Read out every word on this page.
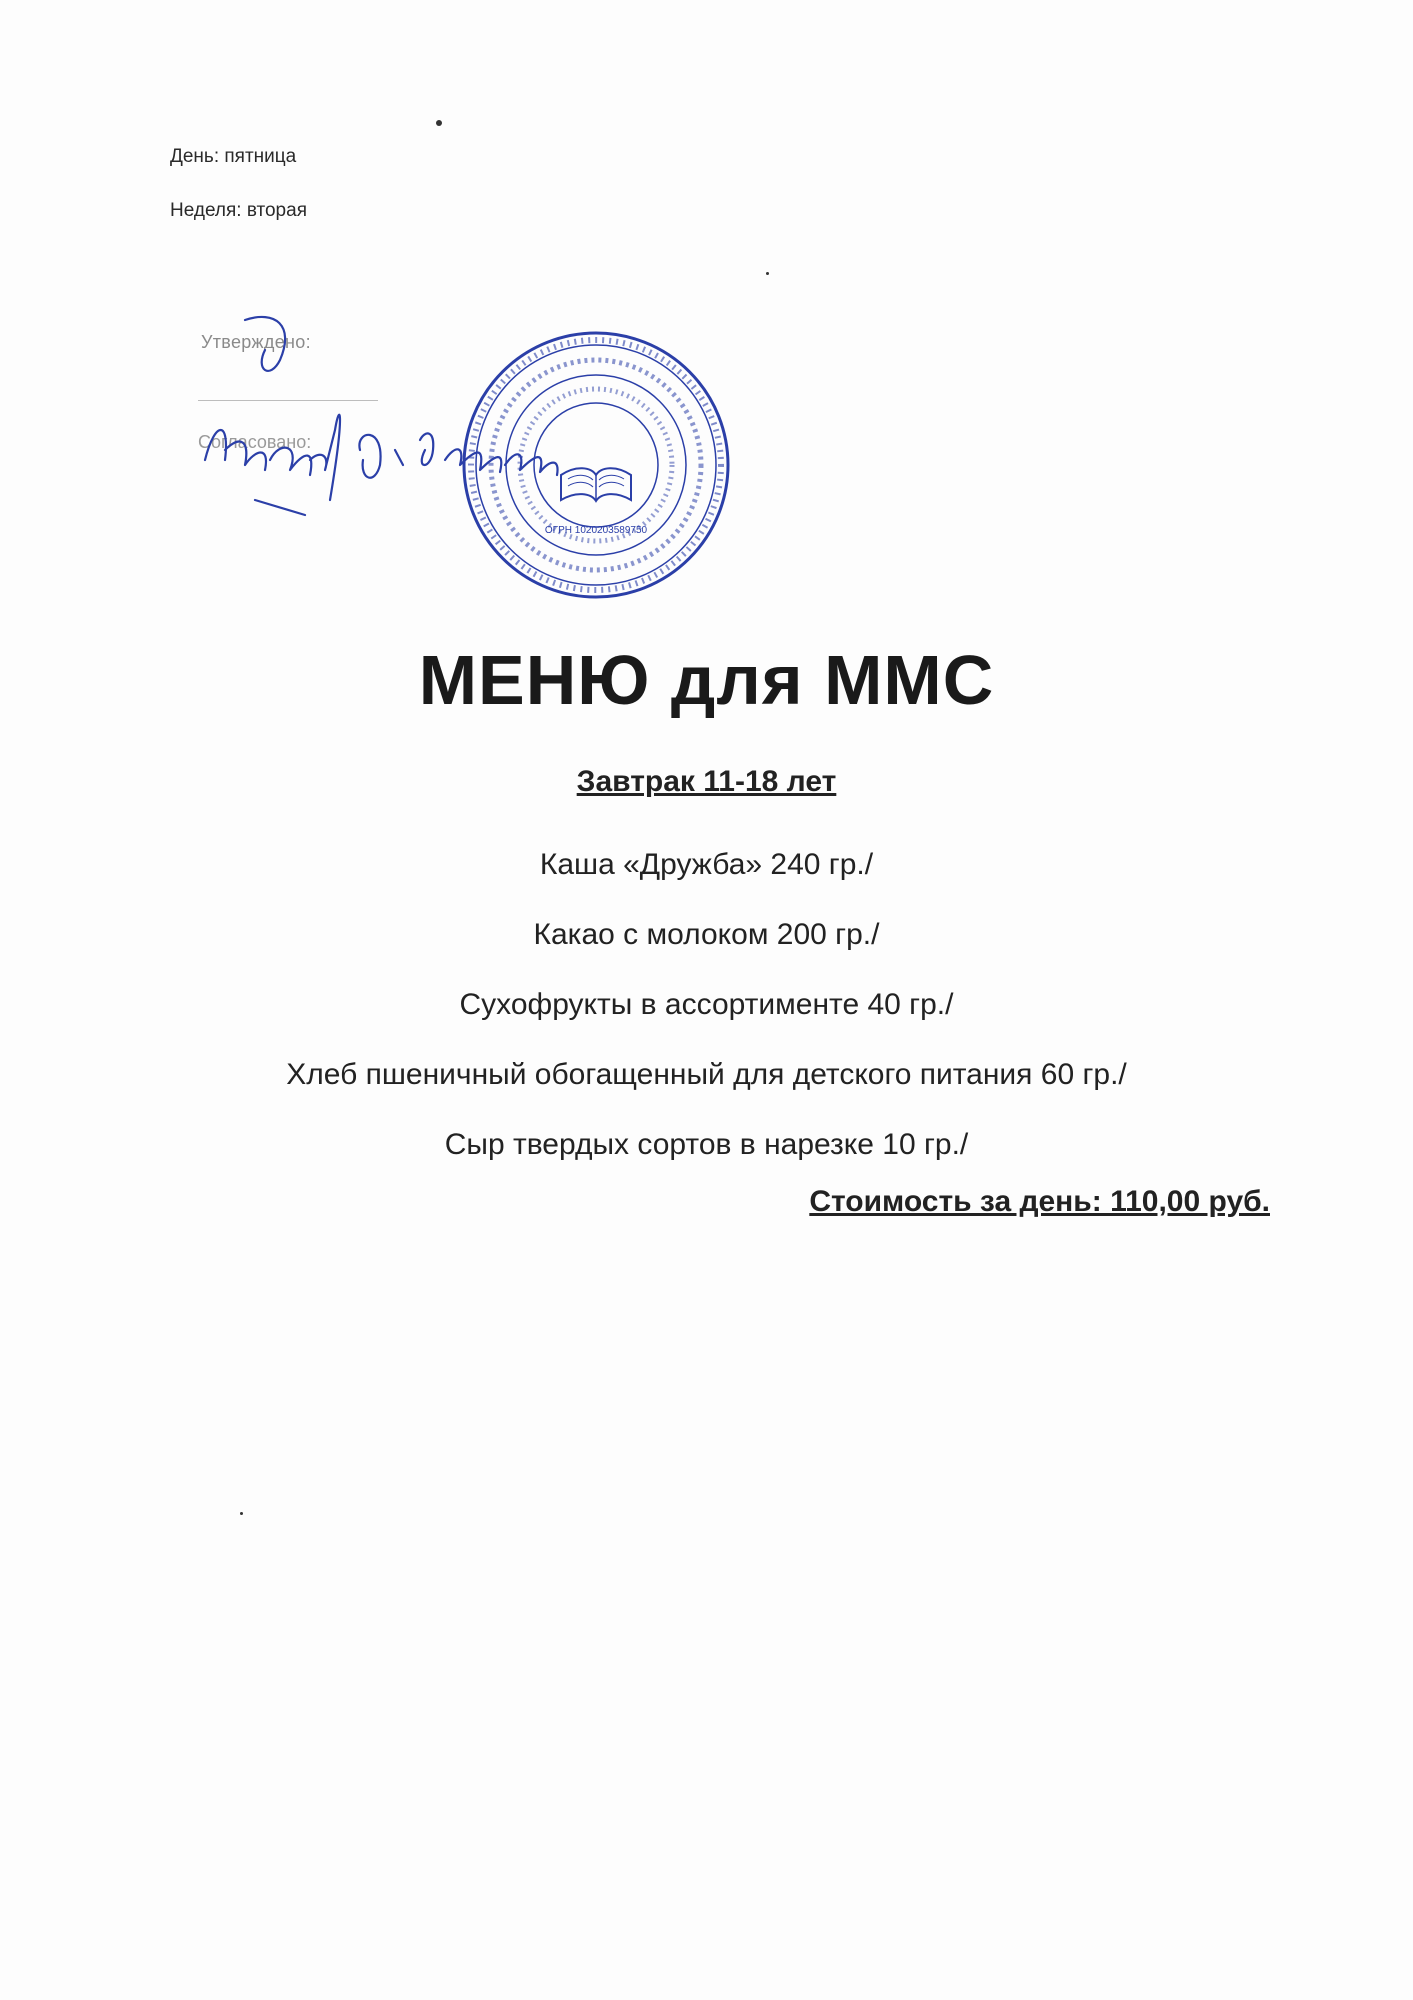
День: пятница
Неделя: вторая
Утверждено:
Согласовано:
ОГРН 1020203589750
МЕНЮ для ММС
Завтрак 11-18 лет
Каша «Дружба» 240 гр./
Какао с молоком 200 гр./
Сухофрукты в ассортименте 40 гр./
Хлеб пшеничный обогащенный для детского питания 60 гр./
Сыр твердых сортов в нарезке 10 гр./
Стоимость за день: 110,00 руб.
